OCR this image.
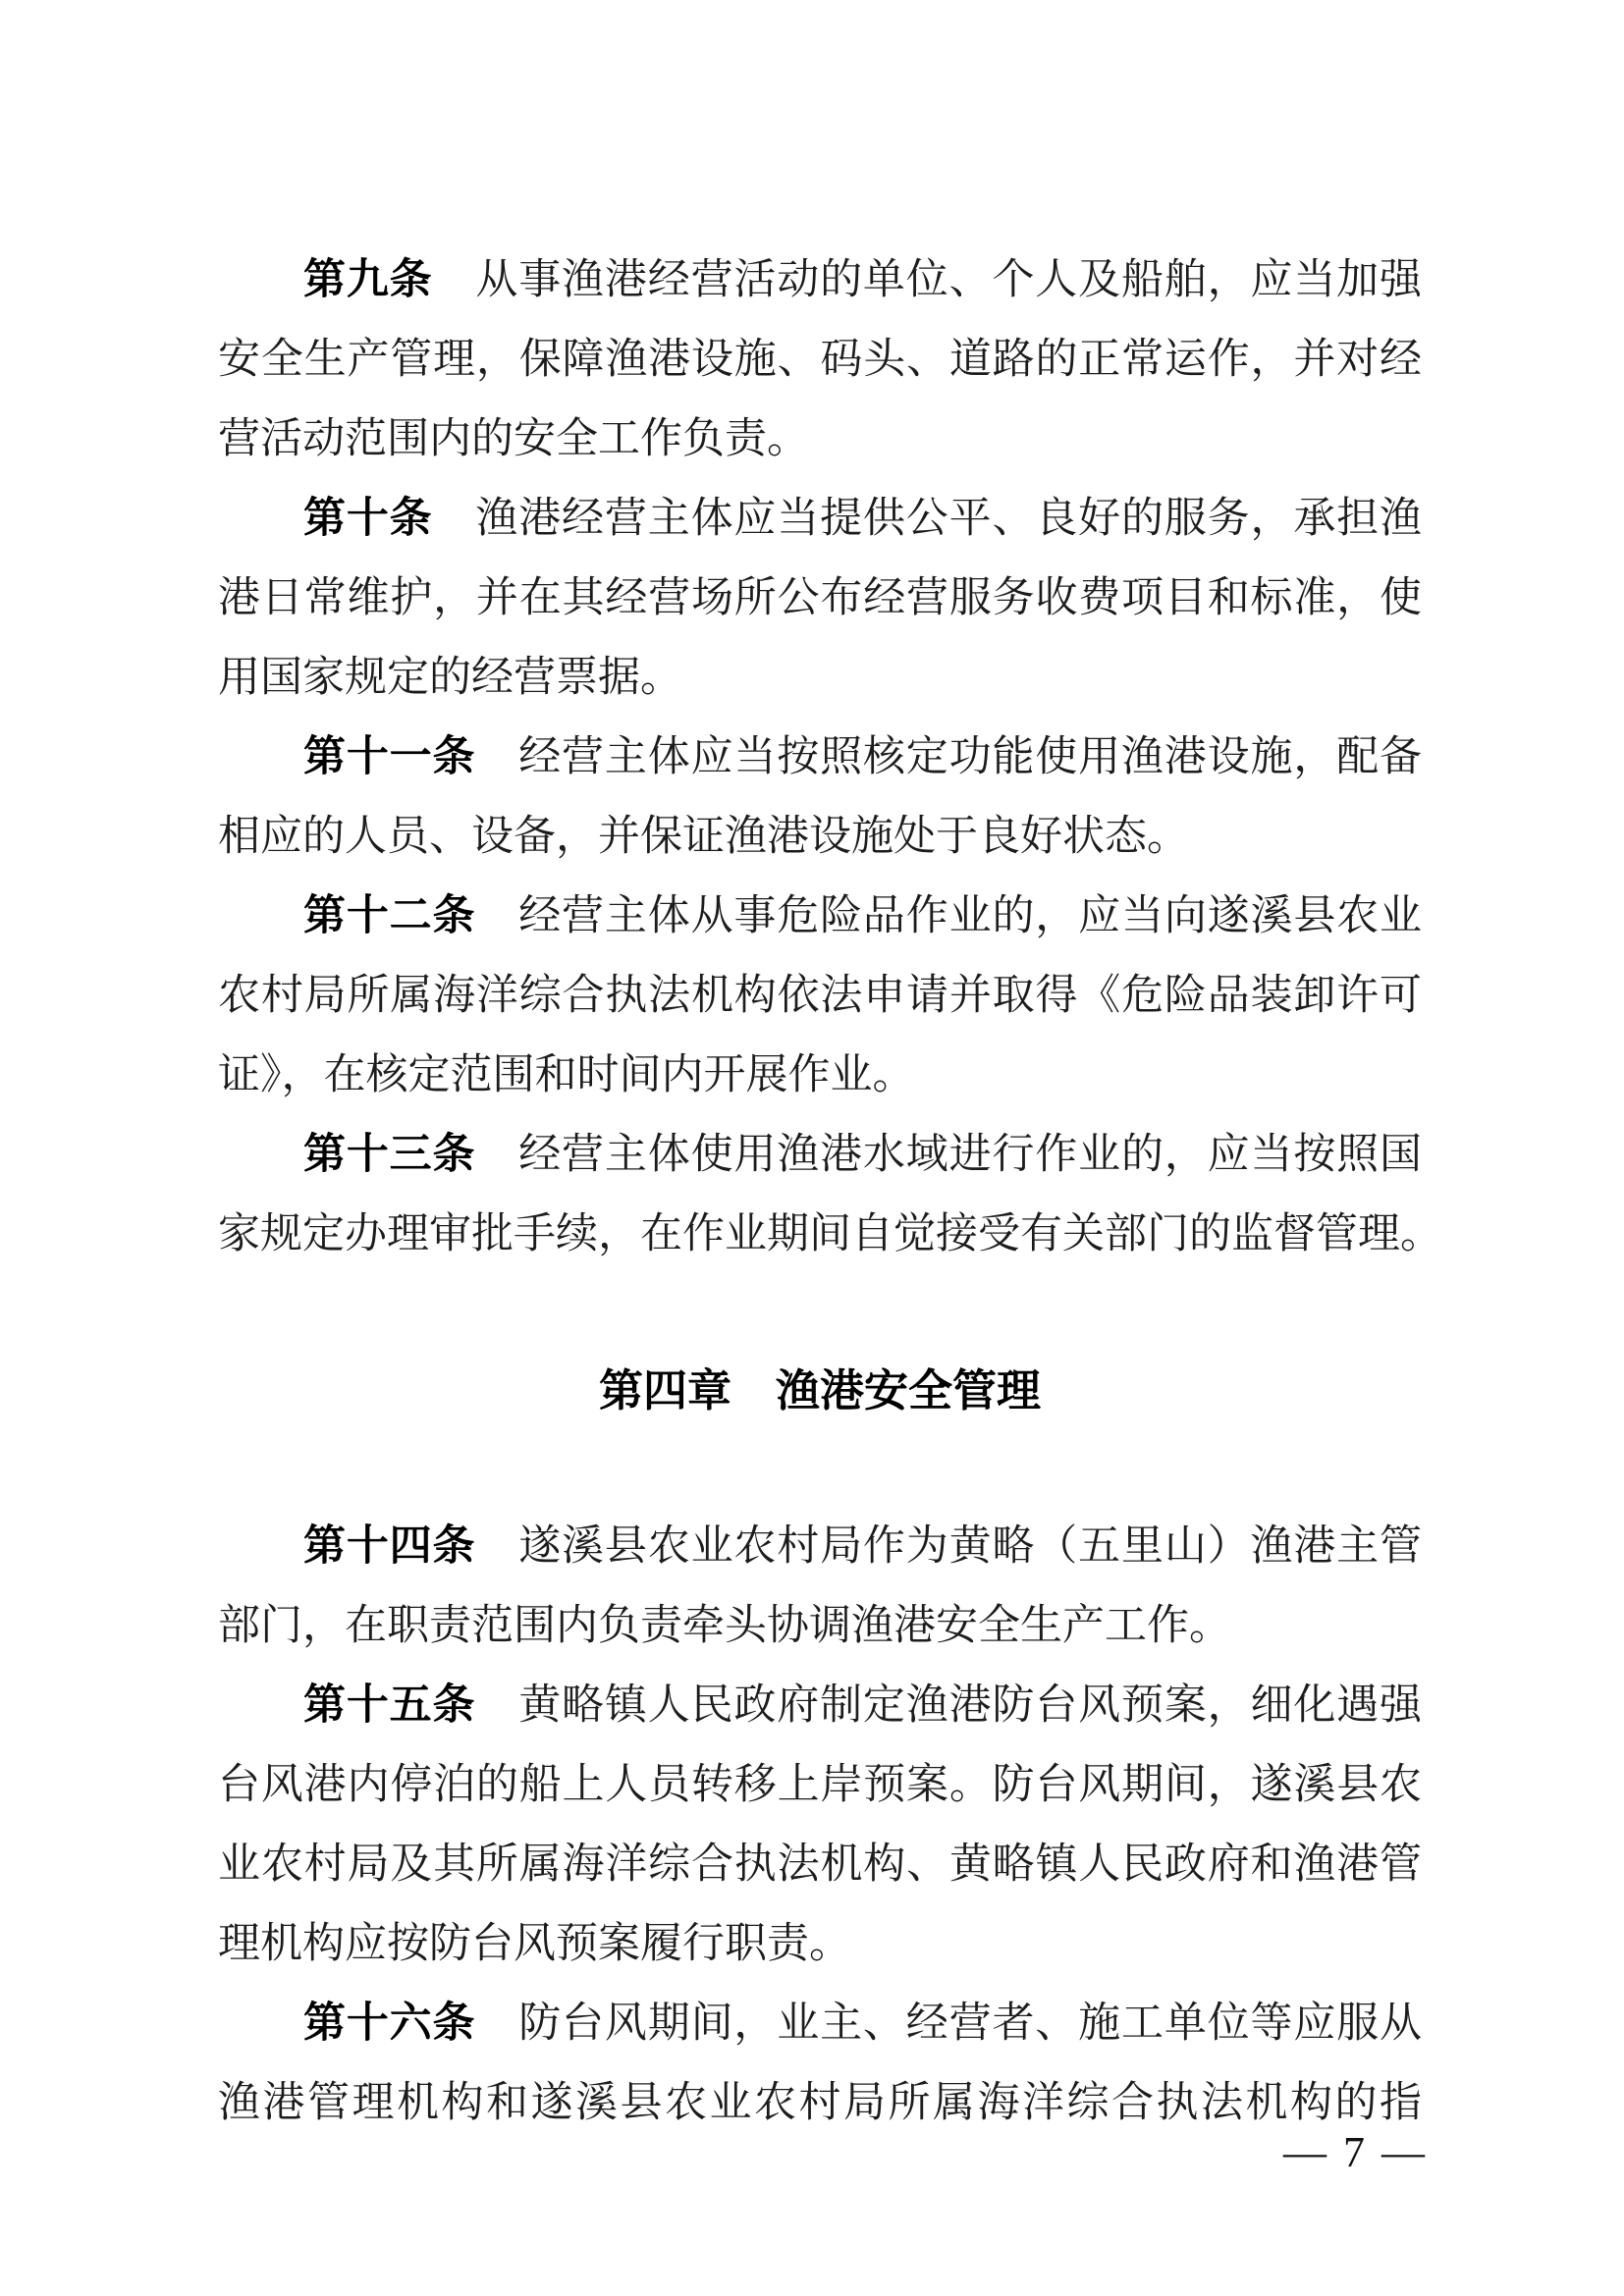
第九条　从事渔港经营活动的单位、个人及船舶，应当加强
安全生产管理，保障渔港设施、码头、道路的正常运作，并对经
营活动范围内的安全工作负责。
第十条　渔港经营主体应当提供公平、良好的服务，承担渔
港日常维护，并在其经营场所公布经营服务收费项目和标准，使
用国家规定的经营票据。
第十一条　经营主体应当按照核定功能使用渔港设施，配备
相应的人员、设备，并保证渔港设施处于良好状态。
第十二条　经营主体从事危险品作业的，应当向遂溪县农业
农村局所属海洋综合执法机构依法申请并取得《危险品装卸许可
证》，在核定范围和时间内开展作业。
第十三条　经营主体使用渔港水域进行作业的，应当按照国
家规定办理审批手续，在作业期间自觉接受有关部门的监督管理。
第四章　渔港安全管理
第十四条　遂溪县农业农村局作为黄略（五里山）渔港主管
部门，在职责范围内负责牵头协调渔港安全生产工作。
第十五条　黄略镇人民政府制定渔港防台风预案，细化遇强
台风港内停泊的船上人员转移上岸预案。防台风期间，遂溪县农
业农村局及其所属海洋综合执法机构、黄略镇人民政府和渔港管
理机构应按防台风预案履行职责。
第十六条　防台风期间，业主、经营者、施工单位等应服从
渔港管理机构和遂溪县农业农村局所属海洋综合执法机构的指
— 7 —
